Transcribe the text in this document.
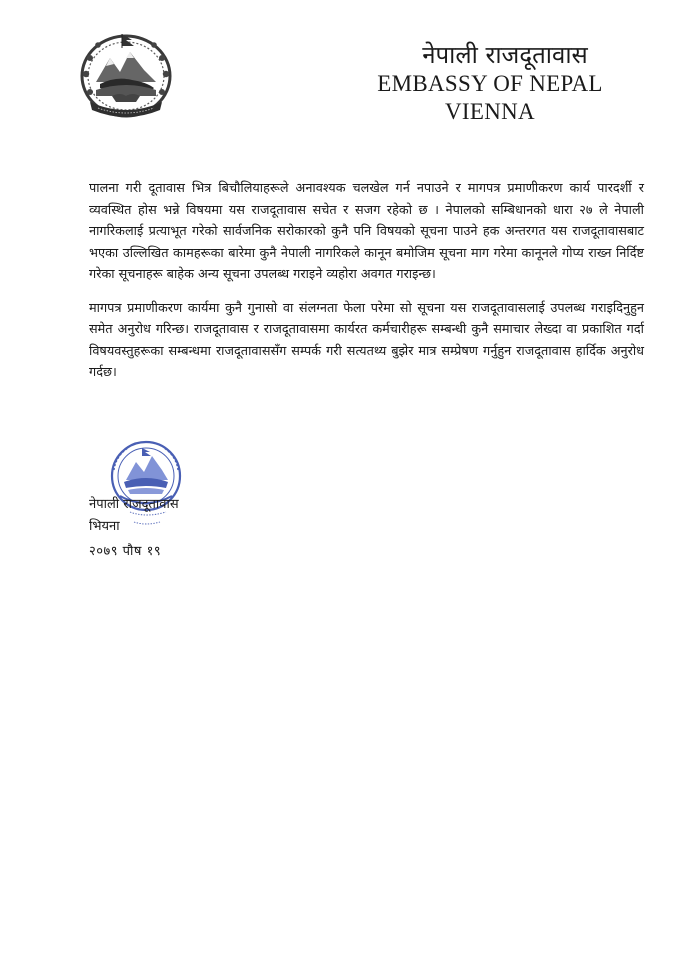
नेपाली राजदूतावास
EMBASSY OF NEPAL
VIENNA

पालना गरी दूतावास भित्र बिचौलियाहरूले अनावश्यक चलखेल गर्न नपाउने र मागपत्र प्रमाणीकरण कार्य पारदर्शी र व्यवस्थित होस भन्ने विषयमा यस राजदूतावास सचेत र सजग रहेको छ । नेपालको सम्बिधानको धारा २७ ले नेपाली नागरिकलाई प्रत्याभूत गरेको सार्वजनिक सरोकारको कुनै पनि विषयको सूचना पाउने हक अन्तरगत यस राजदूतावासबाट भएका उल्लिखित कामहरूका बारेमा कुनै नेपाली नागरिकले कानून बमोजिम सूचना माग गरेमा कानूनले गोप्य राख्न निर्दिष्ट गरेका सूचनाहरू बाहेक अन्य सूचना उपलब्ध गराइने व्यहोरा अवगत गराइन्छ।

मागपत्र प्रमाणीकरण कार्यमा कुनै गुनासो वा संलग्नता फेला परेमा सो सूचना यस राजदूतावासलाई उपलब्ध गराइदिनुहुन समेत अनुरोध गरिन्छ। राजदूतावास र राजदूतावासमा कार्यरत कर्मचारीहरू सम्बन्धी कुनै समाचार लेख्दा वा प्रकाशित गर्दा विषयवस्तुहरूका सम्बन्धमा राजदूतावाससँग सम्पर्क गरी सत्यतथ्य बुझेर मात्र सम्प्रेषण गर्नुहुन राजदूतावास हार्दिक अनुरोध गर्दछ।

नेपाली राजदूतावास
भियना
२०७९ पौष १९
